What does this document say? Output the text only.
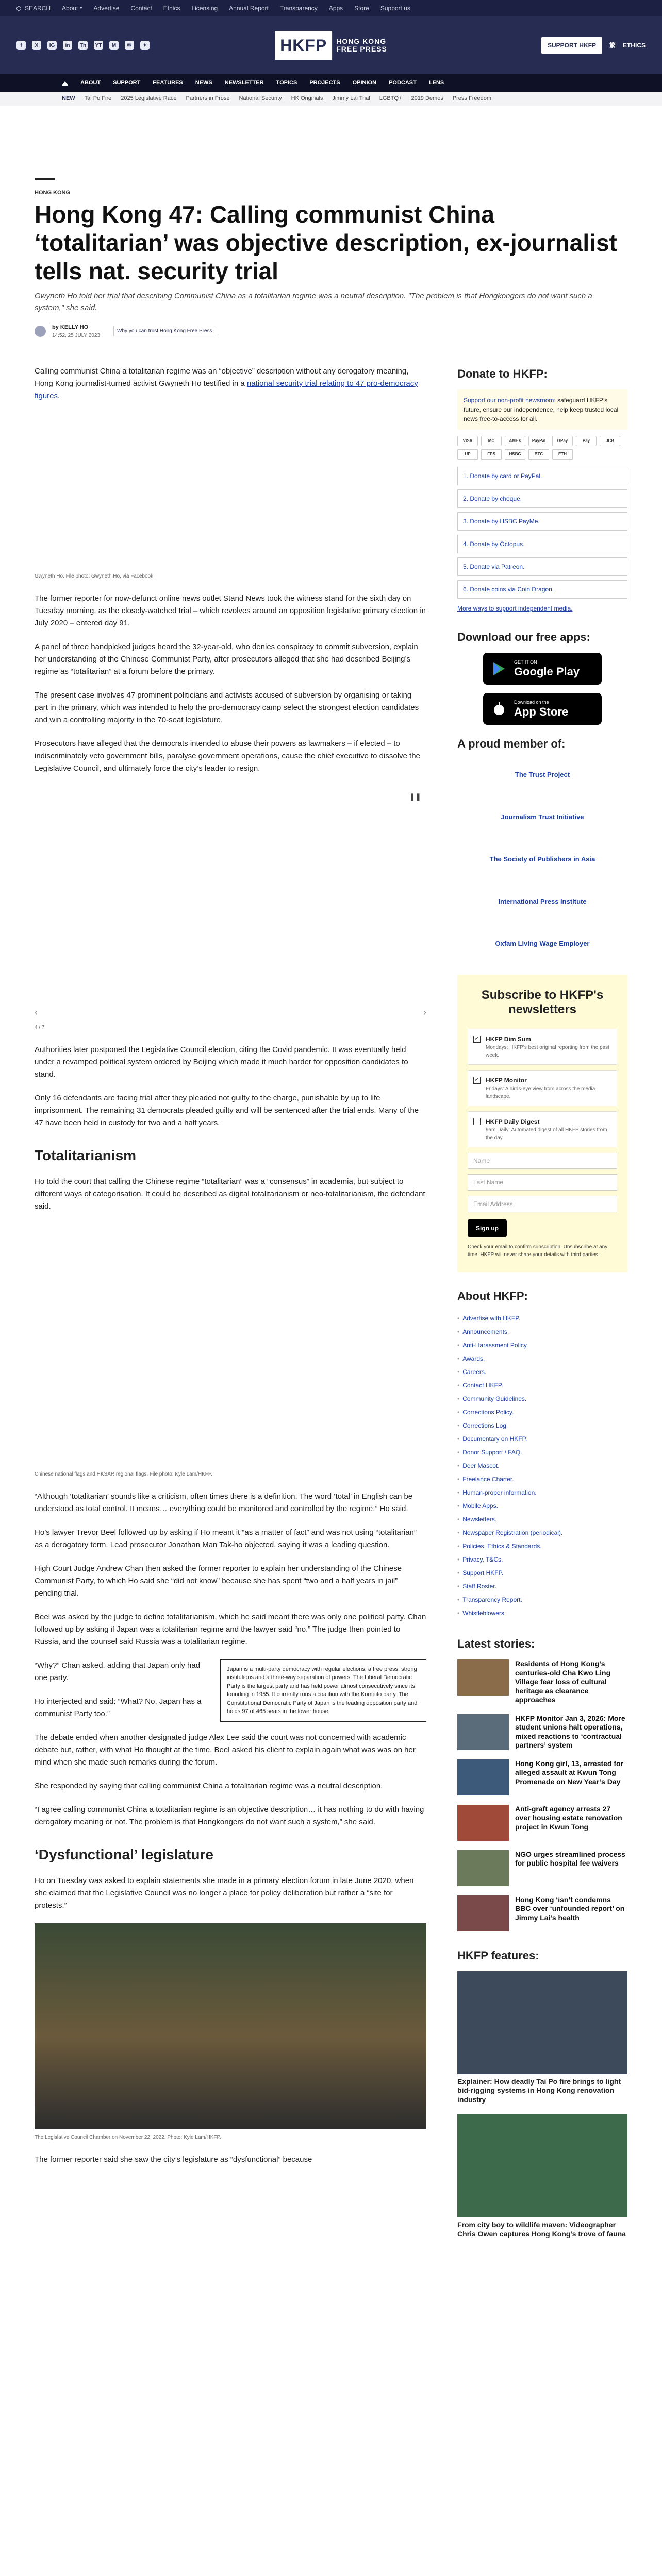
SEARCH About ▾ Advertise Contact Ethics Licensing Annual Report Transparency Apps Store Support us
f	X	IG	in	Th YT	M	✉	✦	HKFP	HONG KONG
FREE PRESS	SUPPORT HKFP	繁 ETHICS
ABOUT SUPPORT FEATURES NEWS NEWSLETTER TOPICS PROJECTS OPINION PODCAST LENS
NEW Tai Po Fire 2025 Legislative Race Partners in Prose National Security HK Originals Jimmy Lai Trial LGBTQ+ 2019 Demos Press Freedom
HONG KONG
Hong Kong 47: Calling communist China ‘totalitarian’ was objective description, ex-journalist tells nat. security trial
Gwyneth Ho told her trial that describing Communist China as a totalitarian regime was a neutral description. "The problem is that Hongkongers do not want such a system," she said.
by KELLY HO
14:52, 25 JULY 2023
Why you can trust Hong Kong Free Press

Calling communist China a totalitarian regime was an “objective” description without any derogatory meaning, Hong Kong journalist-turned activist Gwyneth Ho testified in a national security trial relating to 47 pro-democracy figures.

Gwyneth Ho. File photo: Gwyneth Ho, via Facebook.

The former reporter for now-defunct online news outlet Stand News took the witness stand for the sixth day on Tuesday morning, as the closely-watched trial – which revolves around an opposition legislative primary election in July 2020 – entered day 91.

A panel of three handpicked judges heard the 32-year-old, who denies conspiracy to commit subversion, explain her understanding of the Chinese Communist Party, after prosecutors alleged that she had described Beijing’s regime as “totalitarian” at a forum before the primary.

The present case involves 47 prominent politicians and activists accused of subversion by organising or taking part in the primary, which was intended to help the pro-democracy camp select the strongest election candidates and win a controlling majority in the 70-seat legislature.

Prosecutors have alleged that the democrats intended to abuse their powers as lawmakers – if elected – to indiscriminately veto government bills, paralyse government operations, cause the chief executive to dissolve the Legislative Council, and ultimately force the city’s leader to resign.

❚❚
‹	›
4 / 7

Authorities later postponed the Legislative Council election, citing the Covid pandemic. It was eventually held under a revamped political system ordered by Beijing which made it much harder for opposition candidates to stand.

Only 16 defendants are facing trial after they pleaded not guilty to the charge, punishable by up to life imprisonment. The remaining 31 democrats pleaded guilty and will be sentenced after the trial ends. Many of the 47 have been held in custody for two and a half years.

Totalitarianism

Ho told the court that calling the Chinese regime “totalitarian” was a “consensus” in academia, but subject to different ways of categorisation. It could be described as digital totalitarianism or neo-totalitarianism, the defendant said.

Chinese national flags and HKSAR regional flags. File photo: Kyle Lam/HKFP.

“Although ‘totalitarian’ sounds like a criticism, often times there is a definition. The word ‘total’ in English can be understood as total control. It means… everything could be monitored and controlled by the regime,” Ho said.

Ho’s lawyer Trevor Beel followed up by asking if Ho meant it “as a matter of fact” and was not using “totalitarian” as a derogatory term. Lead prosecutor Jonathan Man Tak-ho objected, saying it was a leading question.

High Court Judge Andrew Chan then asked the former reporter to explain her understanding of the Chinese Communist Party, to which Ho said she “did not know” because she has spent “two and a half years in jail” pending trial.

Beel was asked by the judge to define totalitarianism, which he said meant there was only one political party. Chan followed up by asking if Japan was a totalitarian regime and the lawyer said “no.” The judge then pointed to Russia, and the counsel said Russia was a totalitarian regime.

Japan is a multi-party democracy with regular elections, a free press, strong institutions and a three-way separation of powers. The Liberal Democratic Party is the largest party and has held power almost consecutively since its founding in 1955. It currently runs a coalition with the Komeito party. The Constitutional Democratic Party of Japan is the leading opposition party and holds 97 of 465 seats in the lower house.

“Why?” Chan asked, adding that Japan only had one party.

Ho interjected and said: “What? No, Japan has a communist Party too.”

The debate ended when another designated judge Alex Lee said the court was not concerned with academic debate but, rather, with what Ho thought at the time. Beel asked his client to explain again what was was on her mind when she made such remarks during the forum.

She responded by saying that calling communist China a totalitarian regime was a neutral description.

“I agree calling communist China a totalitarian regime is an objective description… it has nothing to do with having derogatory meaning or not. The problem is that Hongkongers do not want such a system,” she said.

‘Dysfunctional’ legislature

Ho on Tuesday was asked to explain statements she made in a primary election forum in late June 2020, when she claimed that the Legislative Council was no longer a place for policy deliberation but rather a “site for protests.”

The Legislative Council Chamber on November 22, 2022. Photo: Kyle Lam/HKFP.

The former reporter said she saw the city’s legislature as “dysfunctional” because

Donate to HKFP:
Support our non-profit newsroom; safeguard HKFP’s future, ensure our independence, help keep trusted local news free-to-access for all.
VISA	MC	AMEX	PayPal	GPay	Pay	JCB
UP	FPS	HSBC	BTC	ETH
1. Donate by card or PayPal.
2. Donate by cheque.
3. Donate by HSBC PayMe.
4. Donate by Octopus.
5. Donate via Patreon.
6. Donate coins via Coin Dragon.
More ways to support independent media.
Download our free apps:
GET IT ON
Google Play
Download on the
App Store
A proud member of:
The Trust Project
Journalism Trust Initiative
The Society of Publishers in Asia
International Press Institute
Oxfam Living Wage Employer
Subscribe to HKFP's newsletters
✓ HKFP Dim Sum
Mondays: HKFP’s best original reporting from the past week.
✓ HKFP Monitor
Fridays: A birds-eye view from across the media landscape.
HKFP Daily Digest
9am Daily: Automated digest of all HKFP stories from the day.
Name
Last Name
Email Address
Sign up
Check your email to confirm subscription. Unsubscribe at any time. HKFP will never share your details with third parties.
About HKFP:
• Advertise with HKFP.
• Announcements.
• Anti-Harassment Policy.
• Awards.
• Careers.
• Contact HKFP.
• Community Guidelines.
• Corrections Policy.
• Corrections Log.
• Documentary on HKFP.
• Donor Support / FAQ.
• Deer Mascot.
• Freelance Charter.
• Human-proper information.
• Mobile Apps.
• Newsletters.
• Newspaper Registration (periodical).
• Policies, Ethics & Standards.
• Privacy, T&Cs.
• Support HKFP.
• Staff Roster.
• Transparency Report.
• Whistleblowers.
Latest stories:
Residents of Hong Kong’s centuries-old Cha Kwo Ling Village fear loss of cultural heritage as clearance approaches
HKFP Monitor Jan 3, 2026: More student unions halt operations, mixed reactions to ‘contractual partners’ system
Hong Kong girl, 13, arrested for alleged assault at Kwun Tong Promenade on New Year’s Day
Anti-graft agency arrests 27 over housing estate renovation project in Kwun Tong
NGO urges streamlined process for public hospital fee waivers
Hong Kong ‘isn’t condemns BBC over ‘unfounded report’ on Jimmy Lai’s health
HKFP features:
Explainer: How deadly Tai Po fire brings to light bid-rigging systems in Hong Kong renovation industry
From city boy to wildlife maven: Videographer Chris Owen captures Hong Kong’s trove of fauna
